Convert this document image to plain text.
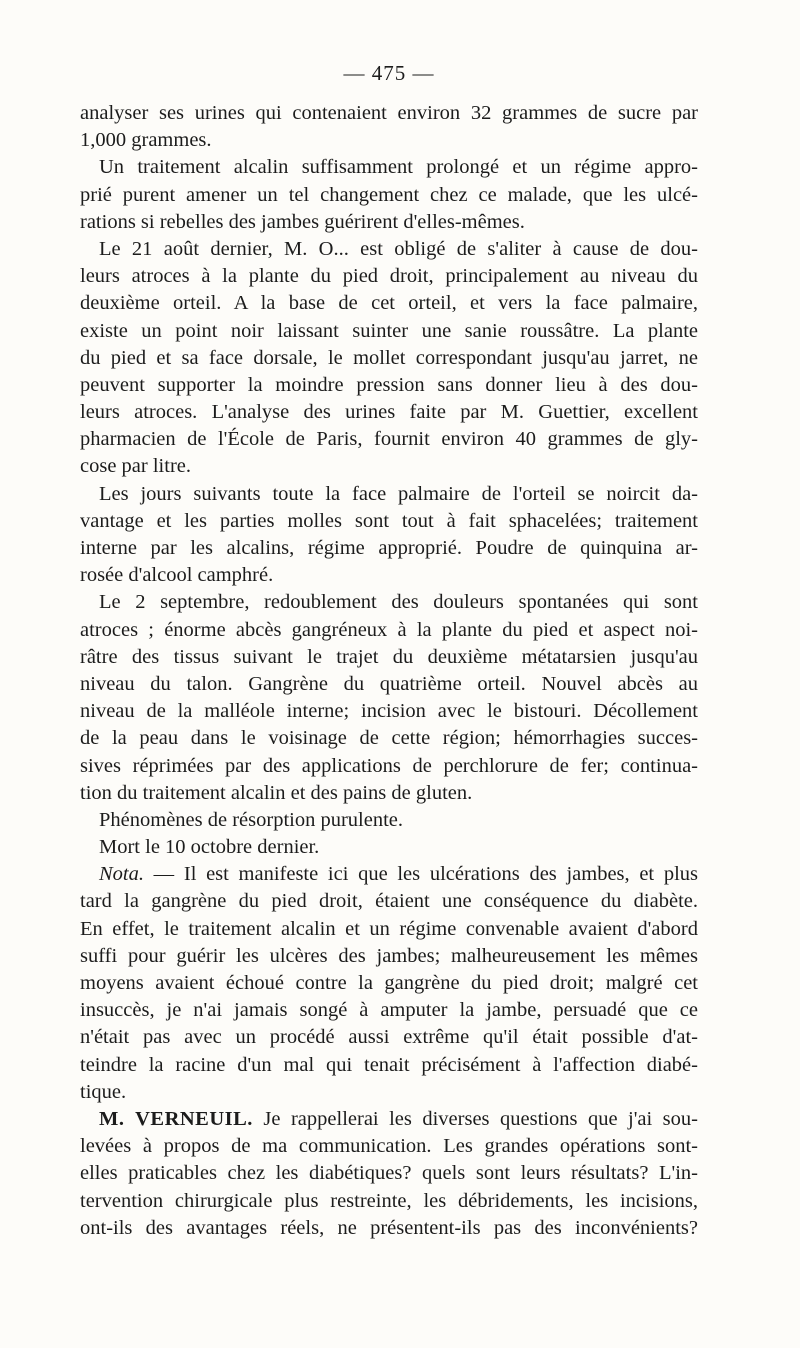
— 475 —
analyser ses urines qui contenaient environ 32 grammes de sucre par
1,000 grammes.
Un traitement alcalin suffisamment prolongé et un régime appro-
prié purent amener un tel changement chez ce malade, que les ulcé-
rations si rebelles des jambes guérirent d'elles-mêmes.
Le 21 août dernier, M. O... est obligé de s'aliter à cause de dou-
leurs atroces à la plante du pied droit, principalement au niveau du
deuxième orteil. A la base de cet orteil, et vers la face palmaire,
existe un point noir laissant suinter une sanie roussâtre. La plante
du pied et sa face dorsale, le mollet correspondant jusqu'au jarret, ne
peuvent supporter la moindre pression sans donner lieu à des dou-
leurs atroces. L'analyse des urines faite par M. Guettier, excellent
pharmacien de l'École de Paris, fournit environ 40 grammes de gly-
cose par litre.
Les jours suivants toute la face palmaire de l'orteil se noircit da-
vantage et les parties molles sont tout à fait sphacelées; traitement
interne par les alcalins, régime approprié. Poudre de quinquina ar-
rosée d'alcool camphré.
Le 2 septembre, redoublement des douleurs spontanées qui sont
atroces ; énorme abcès gangréneux à la plante du pied et aspect noi-
râtre des tissus suivant le trajet du deuxième métatarsien jusqu'au
niveau du talon. Gangrène du quatrième orteil. Nouvel abcès au
niveau de la malléole interne; incision avec le bistouri. Décollement
de la peau dans le voisinage de cette région; hémorrhagies succes-
sives réprimées par des applications de perchlorure de fer; continua-
tion du traitement alcalin et des pains de gluten.
Phénomènes de résorption purulente.
Mort le 10 octobre dernier.
Nota. — Il est manifeste ici que les ulcérations des jambes, et plus
tard la gangrène du pied droit, étaient une conséquence du diabète.
En effet, le traitement alcalin et un régime convenable avaient d'abord
suffi pour guérir les ulcères des jambes; malheureusement les mêmes
moyens avaient échoué contre la gangrène du pied droit; malgré cet
insuccès, je n'ai jamais songé à amputer la jambe, persuadé que ce
n'était pas avec un procédé aussi extrême qu'il était possible d'at-
teindre la racine d'un mal qui tenait précisément à l'affection diabé-
tique.
M. VERNEUIL. Je rappellerai les diverses questions que j'ai sou-
levées à propos de ma communication. Les grandes opérations sont-
elles praticables chez les diabétiques? quels sont leurs résultats? L'in-
tervention chirurgicale plus restreinte, les débridements, les incisions,
ont-ils des avantages réels, ne présentent-ils pas des inconvénients?
